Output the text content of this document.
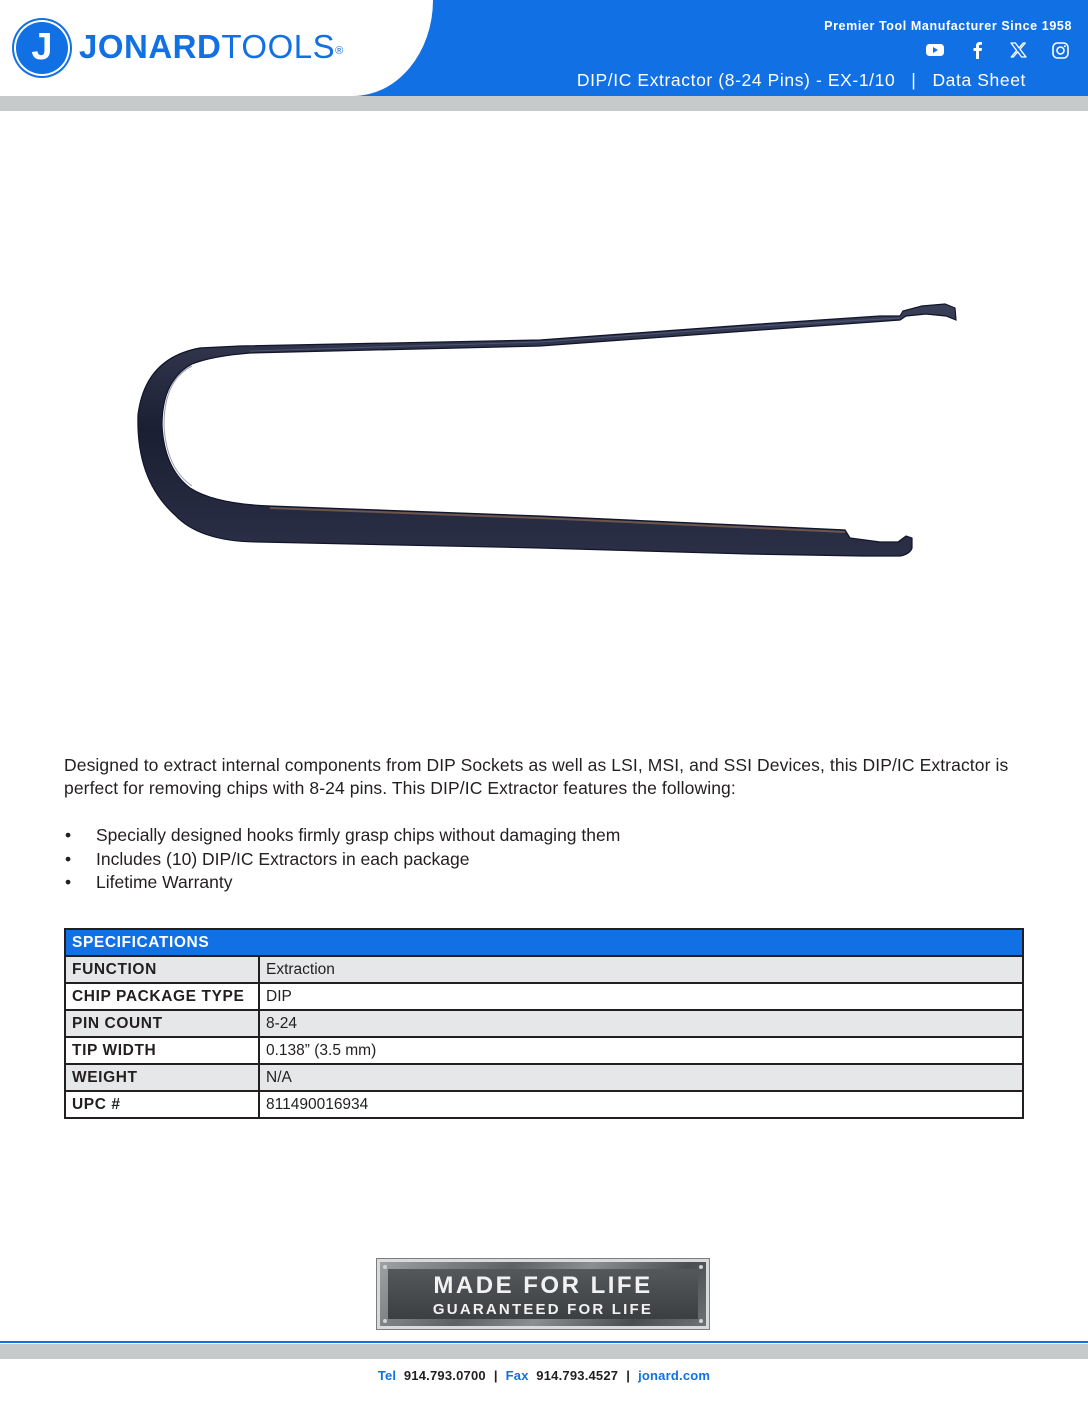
J JONARDTOOLS®
Premier Tool Manufacturer Since 1958
DIP/IC Extractor (8-24 Pins) - EX-1/10 | Data Sheet

Designed to extract internal components from DIP Sockets as well as LSI, MSI, and SSI Devices, this DIP/IC Extractor is perfect for removing chips with 8-24 pins. This DIP/IC Extractor features the following:

• Specially designed hooks firmly grasp chips without damaging them
• Includes (10) DIP/IC Extractors in each package
• Lifetime Warranty
SPECIFICATIONS	
FUNCTION	Extraction
CHIP PACKAGE TYPE	DIP
PIN COUNT	8-24
TIP WIDTH	0.138” (3.5 mm)
WEIGHT	N/A
UPC #	811490016934
MADE FOR LIFE
GUARANTEED FOR LIFE
Tel 914.793.0700 | Fax 914.793.4527 | jonard.com
